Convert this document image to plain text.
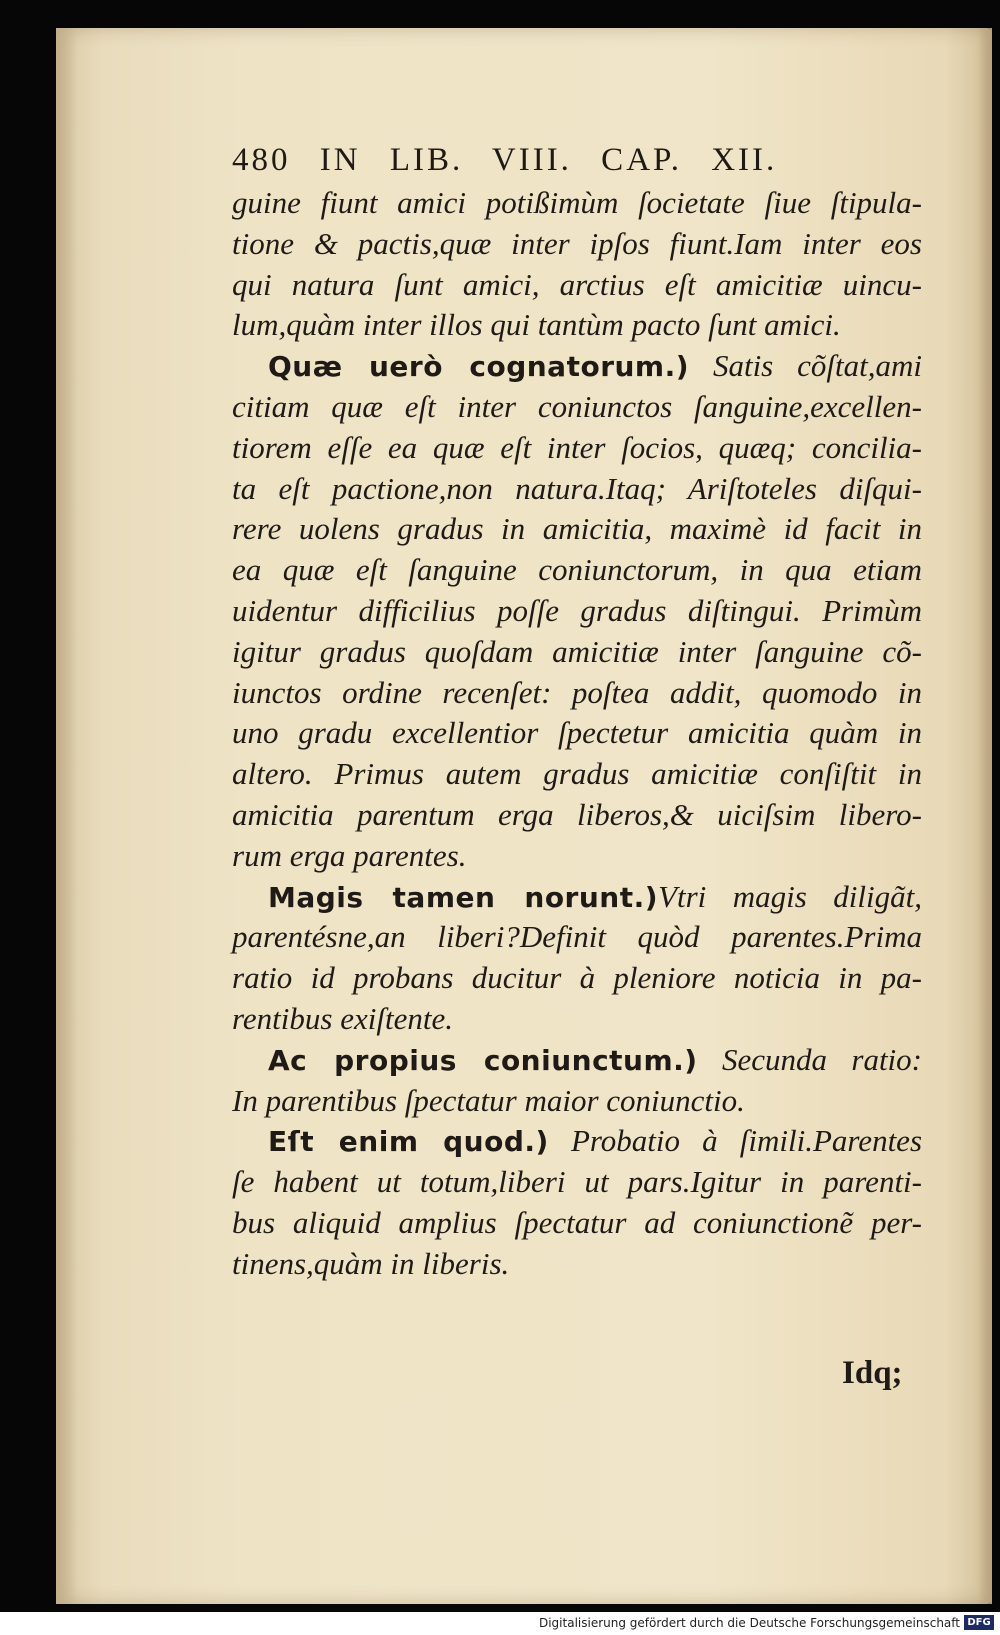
480 IN LIB. VIII. CAP. XII.
guine fiunt amici potißimùm ſocietate ſiue ſtipula-
tione & pactis,quæ inter ipſos fiunt.Iam inter eos
qui natura ſunt amici, arctius eſt amicitiæ uincu-
lum,quàm inter illos qui tantùm pacto ſunt amici.
Quæ uerò cognatorum.) Satis cõſtat,ami
citiam quæ eſt inter coniunctos ſanguine,excellen-
tiorem eſſe ea quæ eſt inter ſocios, quæq; concilia-
ta eſt pactione,non natura.Itaq; Ariſtoteles diſqui-
rere uolens gradus in amicitia, maximè id facit in
ea quæ eſt ſanguine coniunctorum, in qua etiam
uidentur difficilius poſſe gradus diſtingui. Primùm
igitur gradus quoſdam amicitiæ inter ſanguine cõ-
iunctos ordine recenſet: poſtea addit, quomodo in
uno gradu excellentior ſpectetur amicitia quàm in
altero. Primus autem gradus amicitiæ conſiſtit in
amicitia parentum erga liberos,& uiciſsim libero-
rum erga parentes.
Magis tamen norunt.)Vtri magis diligãt,
parentésne,an liberi?Definit quòd parentes.Prima
ratio id probans ducitur à pleniore noticia in pa-
rentibus exiſtente.
Ac propius coniunctum.) Secunda ratio:
In parentibus ſpectatur maior coniunctio.
Eſt enim quod.) Probatio à ſimili.Parentes
ſe habent ut totum,liberi ut pars.Igitur in parenti-
bus aliquid amplius ſpectatur ad coniunctionẽ per-
tinens,quàm in liberis.
Idq;
Digitalisierung gefördert durch die Deutsche Forschungsgemeinschaft DFG
